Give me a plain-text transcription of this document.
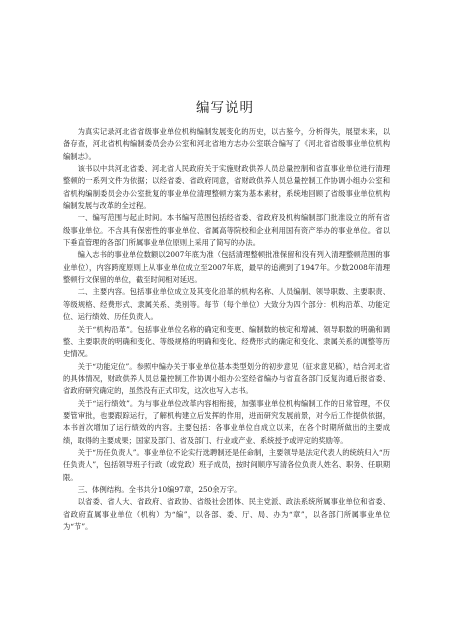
编写说明

为真实记录河北省省级事业单位机构编制发展变化的历史，以古鉴今，分析得失，展望未来，以备存查，河北省机构编制委员会办公室和河北省地方志办公室联合编写了《河北省省级事业单位机构编制志》。

该书以中共河北省委、河北省人民政府关于实施财政供养人员总量控制和省直事业单位进行清理整顿的一系列文件为依据；以经省委、省政府同意，省财政供养人员总量控制工作协调小组办公室和省机构编制委员会办公室批复的事业单位清理整顿方案为基本素材，系统地回顾了省级事业单位机构编制发展与改革的全过程。

一、编写范围与起止时间。本书编写范围包括经省委、省政府及机构编制部门批准设立的所有省级事业单位。不含具有保密性的事业单位、省属高等院校和企业利用国有资产举办的事业单位。省以下垂直管理的各部门所属事业单位原则上采用了简写的办法。

编入志书的事业单位数额以2007年底为准（包括清理整顿批准保留和没有列入清理整顿范围的事业单位），内容跨度原则上从事业单位成立至2007年底，最早的追溯到了1947年。少数2008年清理整顿行文保留的单位，截至时间相对延迟。

二、主要内容。包括事业单位成立及其变化沿革的机构名称、人员编制、领导职数、主要职责、等级规格、经费形式、隶属关系、类别等。每节（每个单位）大致分为四个部分：机构沿革、功能定位、运行绩效、历任负责人。

关于“机构沿革”。包括事业单位名称的确定和变更、编制数的核定和增减、领导职数的明确和调整、主要职责的明确和变化、等级规格的明确和变化、经费形式的确定和变化、隶属关系的调整等历史情况。

关于“功能定位”。参照中编办关于事业单位基本类型划分的初步意见（征求意见稿），结合河北省的具体情况，财政供养人员总量控制工作协调小组办公室经省编办与省直各部门反复沟通后报省委、省政府研究确定的，虽然没有正式印发，这次也写入志书。

关于“运行绩效”。为与事业单位改革内容相衔接，加强事业单位机构编制工作的日常管理，不仅要管审批，也要跟踪运行，了解机构建立后发挥的作用，进而研究发展前景，对今后工作提供依据，本书首次增加了运行绩效的内容。主要包括：各事业单位自成立以来，在各个时期所做出的主要成绩，取得的主要成果；国家及部门、省及部门、行业或产业、系统授予或评定的奖励等。

关于“历任负责人”。事业单位不论实行选聘制还是任命制，主要领导是法定代表人的统统归入“历任负责人”，包括领导班子行政（或党政）班子成员，按时间顺序写清各位负责人姓名、职务、任职期限。

三、体例结构。全书共分10编97章，250余万字。

以省委、省人大、省政府、省政协、省级社会团体、民主党派、政法系统所属事业单位和省委、省政府直属事业单位（机构）为“编”，以各部、委、厅、局、办为“章”，以各部门所属事业单位为“节”。
